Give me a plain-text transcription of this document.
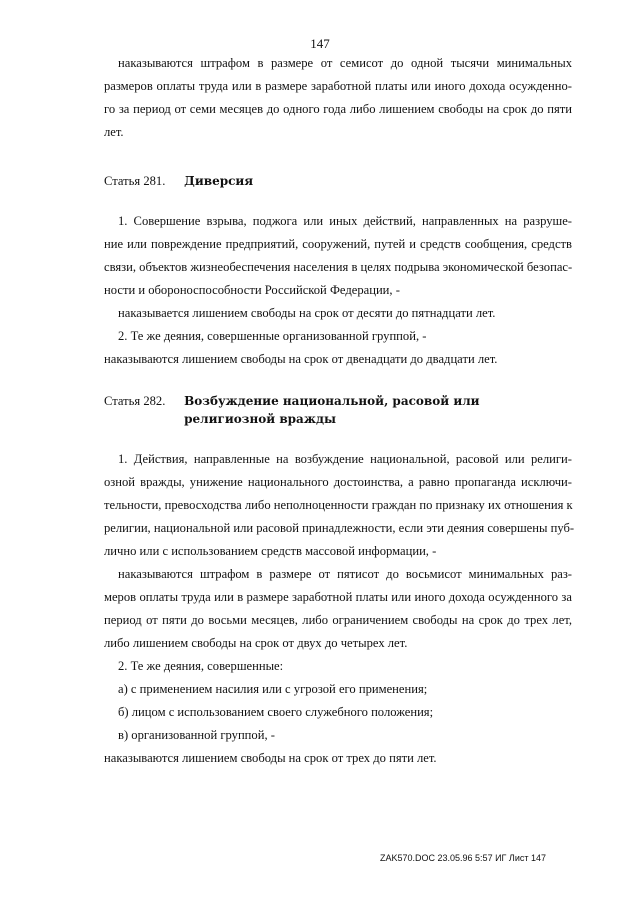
147
наказываются штрафом в размере от семисот до одной тысячи минимальных
размеров оплаты труда или в размере заработной платы или иного дохода осужденно-
го за период от семи месяцев до одного года либо лишением свободы на срок до пяти
лет.
Статья 281. Диверсия
1. Совершение взрыва, поджога или иных действий, направленных на разруше-
ние или повреждение предприятий, сооружений, путей и средств сообщения, средств
связи, объектов жизнеобеспечения населения в целях подрыва экономической безопас-
ности и обороноспособности Российской Федерации, -
наказывается лишением свободы на срок от десяти до пятнадцати лет.
2. Те же деяния, совершенные организованной группой, -
наказываются лишением свободы на срок от двенадцати до двадцати лет.
Статья 282. Возбуждение национальной, расовой или
религиозной вражды
1. Действия, направленные на возбуждение национальной, расовой или религи-
озной вражды, унижение национального достоинства, а равно пропаганда исключи-
тельности, превосходства либо неполноценности граждан по признаку их отношения к
религии, национальной или расовой принадлежности, если эти деяния совершены пуб-
лично или с использованием средств массовой информации, -
наказываются штрафом в размере от пятисот до восьмисот минимальных раз-
меров оплаты труда или в размере заработной платы или иного дохода осужденного за
период от пяти до восьми месяцев, либо ограничением свободы на срок до трех лет,
либо лишением свободы на срок от двух до четырех лет.
2. Те же деяния, совершенные:
а) с применением насилия или с угрозой его применения;
б) лицом с использованием своего служебного положения;
в) организованной группой, -
наказываются лишением свободы на срок от трех до пяти лет.
ZAK570.DOC 23.05.96 5:57 ИГ Лист 147
